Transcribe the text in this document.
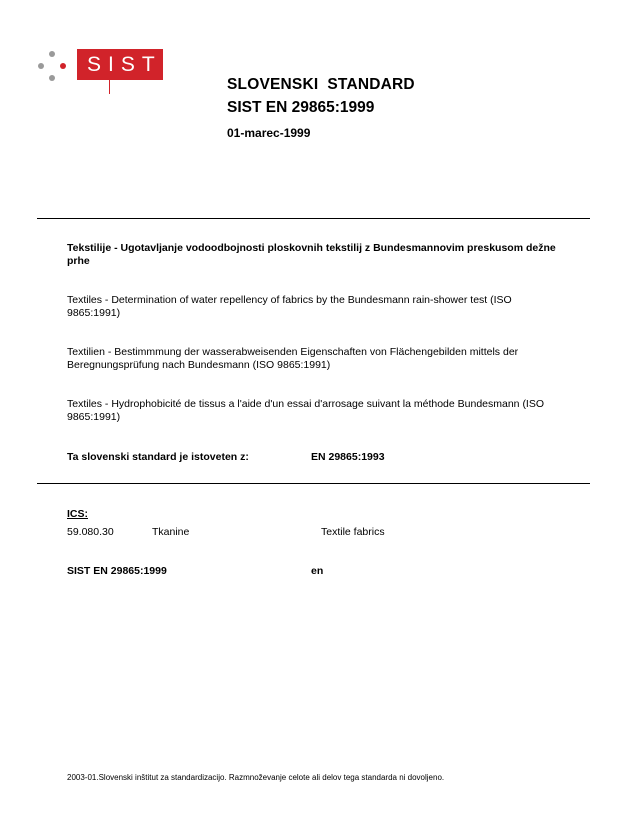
SIST
SLOVENSKI  STANDARD
SIST EN 29865:1999
01-marec-1999
Tekstilije - Ugotavljanje vodoodbojnosti ploskovnih tekstilij z Bundesmannovim preskusom dežne prhe
Textiles - Determination of water repellency of fabrics by the Bundesmann rain-shower test (ISO 9865:1991)
Textilien - Bestimmmung der wasserabweisenden Eigenschaften von Flächengebilden mittels der Beregnungsprüfung nach Bundesmann (ISO 9865:1991)
Textiles - Hydrophobicité de tissus a l'aide d'un essai d'arrosage suivant la méthode Bundesmann (ISO 9865:1991)
Ta slovenski standard je istoveten z:	EN 29865:1993
ICS:
59.080.30	Tkanine	Textile fabrics
SIST EN 29865:1999	en
2003-01.Slovenski inštitut za standardizacijo. Razmnoževanje celote ali delov tega standarda ni dovoljeno.
